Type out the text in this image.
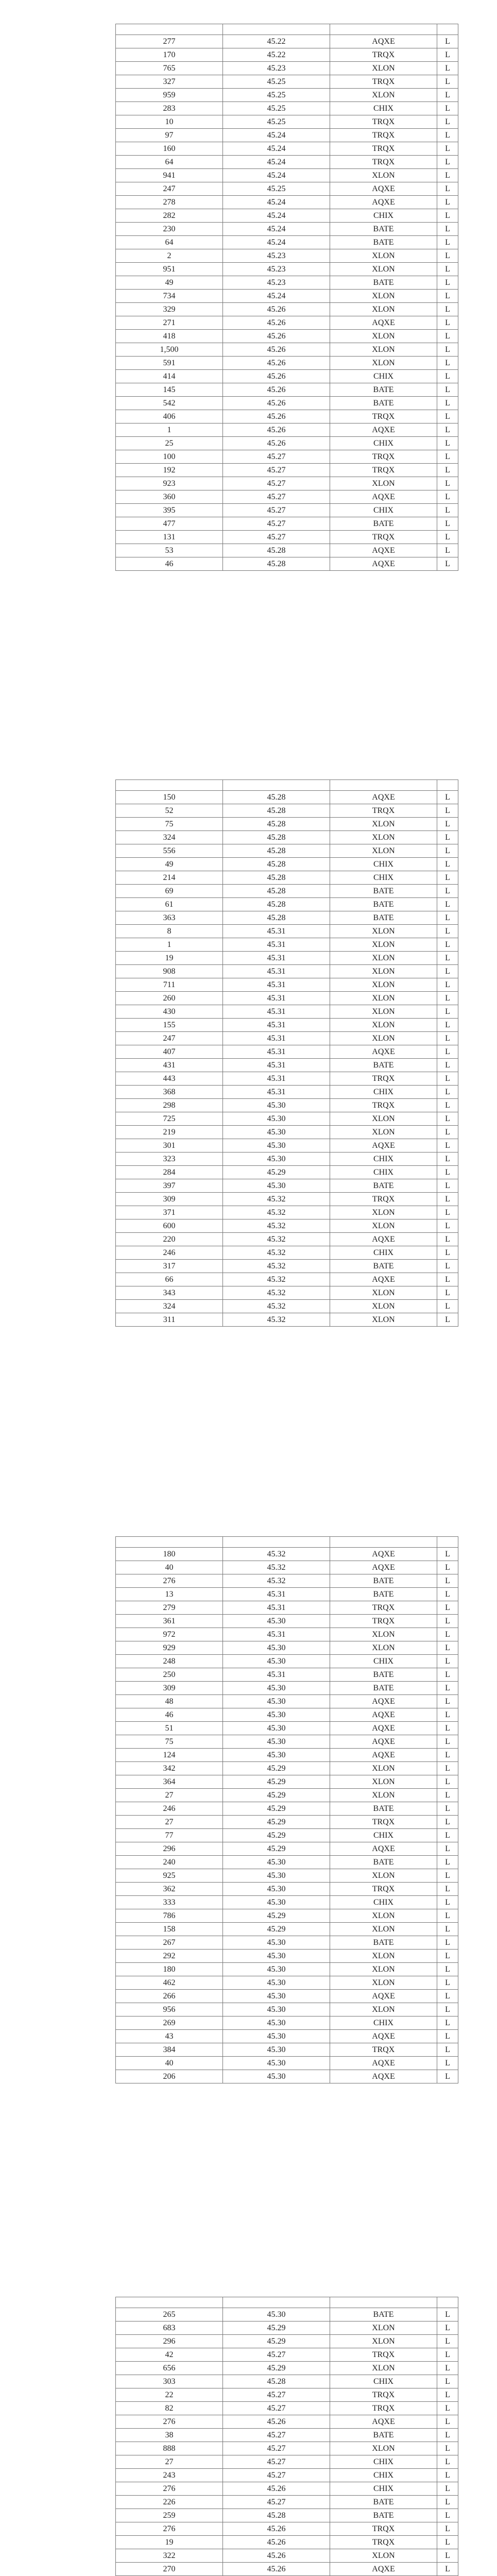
277	45.22	AQXE	L
170	45.22	TRQX	L
765	45.23	XLON	L
327	45.25	TRQX	L
959	45.25	XLON	L
283	45.25	CHIX	L
10	45.25	TRQX	L
97	45.24	TRQX	L
160	45.24	TRQX	L
64	45.24	TRQX	L
941	45.24	XLON	L
247	45.25	AQXE	L
278	45.24	AQXE	L
282	45.24	CHIX	L
230	45.24	BATE	L
64	45.24	BATE	L
2	45.23	XLON	L
951	45.23	XLON	L
49	45.23	BATE	L
734	45.24	XLON	L
329	45.26	XLON	L
271	45.26	AQXE	L
418	45.26	XLON	L
1,500	45.26	XLON	L
591	45.26	XLON	L
414	45.26	CHIX	L
145	45.26	BATE	L
542	45.26	BATE	L
406	45.26	TRQX	L
1	45.26	AQXE	L
25	45.26	CHIX	L
100	45.27	TRQX	L
192	45.27	TRQX	L
923	45.27	XLON	L
360	45.27	AQXE	L
395	45.27	CHIX	L
477	45.27	BATE	L
131	45.27	TRQX	L
53	45.28	AQXE	L
46	45.28	AQXE	L

150	45.28	AQXE	L
52	45.28	TRQX	L
75	45.28	XLON	L
324	45.28	XLON	L
556	45.28	XLON	L
49	45.28	CHIX	L
214	45.28	CHIX	L
69	45.28	BATE	L
61	45.28	BATE	L
363	45.28	BATE	L
8	45.31	XLON	L
1	45.31	XLON	L
19	45.31	XLON	L
908	45.31	XLON	L
711	45.31	XLON	L
260	45.31	XLON	L
430	45.31	XLON	L
155	45.31	XLON	L
247	45.31	XLON	L
407	45.31	AQXE	L
431	45.31	BATE	L
443	45.31	TRQX	L
368	45.31	CHIX	L
298	45.30	TRQX	L
725	45.30	XLON	L
219	45.30	XLON	L
301	45.30	AQXE	L
323	45.30	CHIX	L
284	45.29	CHIX	L
397	45.30	BATE	L
309	45.32	TRQX	L
371	45.32	XLON	L
600	45.32	XLON	L
220	45.32	AQXE	L
246	45.32	CHIX	L
317	45.32	BATE	L
66	45.32	AQXE	L
343	45.32	XLON	L
324	45.32	XLON	L
311	45.32	XLON	L

180	45.32	AQXE	L
40	45.32	AQXE	L
276	45.32	BATE	L
13	45.31	BATE	L
279	45.31	TRQX	L
361	45.30	TRQX	L
972	45.31	XLON	L
929	45.30	XLON	L
248	45.30	CHIX	L
250	45.31	BATE	L
309	45.30	BATE	L
48	45.30	AQXE	L
46	45.30	AQXE	L
51	45.30	AQXE	L
75	45.30	AQXE	L
124	45.30	AQXE	L
342	45.29	XLON	L
364	45.29	XLON	L
27	45.29	XLON	L
246	45.29	BATE	L
27	45.29	TRQX	L
77	45.29	CHIX	L
296	45.29	AQXE	L
240	45.30	BATE	L
925	45.30	XLON	L
362	45.30	TRQX	L
333	45.30	CHIX	L
786	45.29	XLON	L
158	45.29	XLON	L
267	45.30	BATE	L
292	45.30	XLON	L
180	45.30	XLON	L
462	45.30	XLON	L
266	45.30	AQXE	L
956	45.30	XLON	L
269	45.30	CHIX	L
43	45.30	AQXE	L
384	45.30	TRQX	L
40	45.30	AQXE	L
206	45.30	AQXE	L

265	45.30	BATE	L
683	45.29	XLON	L
296	45.29	XLON	L
42	45.27	TRQX	L
656	45.29	XLON	L
303	45.28	CHIX	L
22	45.27	TRQX	L
82	45.27	TRQX	L
276	45.26	AQXE	L
38	45.27	BATE	L
888	45.27	XLON	L
27	45.27	CHIX	L
243	45.27	CHIX	L
276	45.26	CHIX	L
226	45.27	BATE	L
259	45.28	BATE	L
276	45.26	TRQX	L
19	45.26	TRQX	L
322	45.26	XLON	L
270	45.26	AQXE	L
